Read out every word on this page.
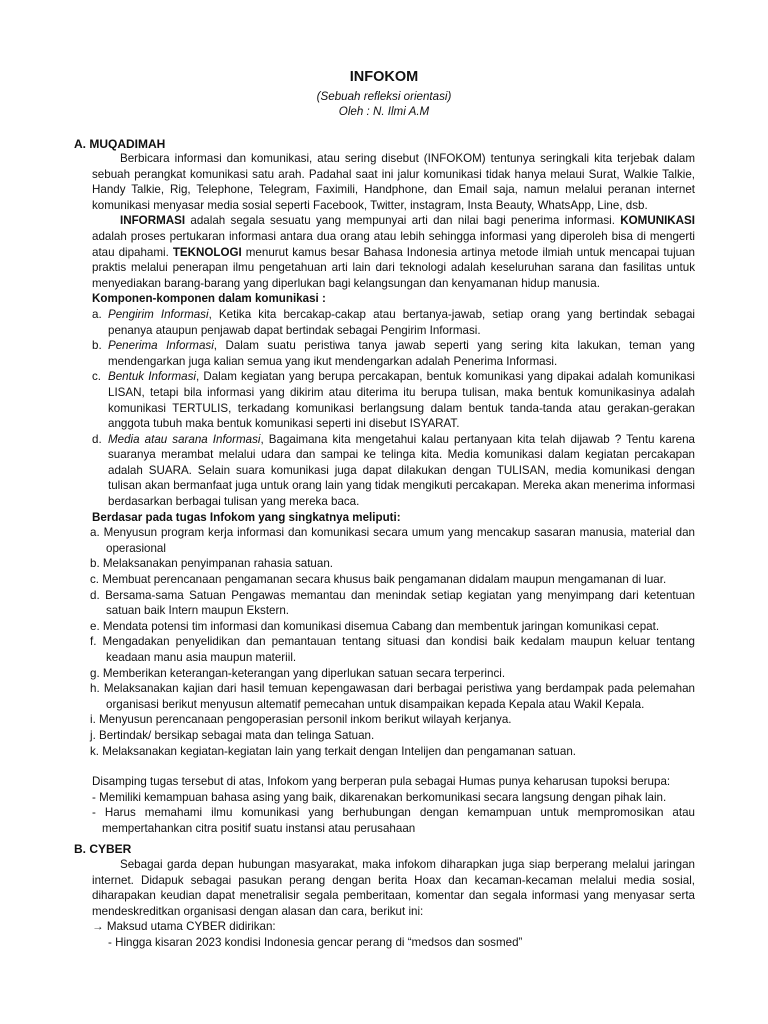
INFOKOM
(Sebuah refleksi orientasi)
Oleh : N. Ilmi A.M
A. MUQADIMAH

Berbicara informasi dan komunikasi, atau sering disebut (INFOKOM) tentunya seringkali kita terjebak dalam sebuah perangkat komunikasi satu arah. Padahal saat ini jalur komunikasi tidak hanya melaui Surat, Walkie Talkie, Handy Talkie, Rig, Telephone, Telegram, Faximili, Handphone, dan Email saja, namun melalui peranan internet komunikasi menyasar media sosial seperti Facebook, Twitter, instagram, Insta Beauty, WhatsApp, Line, dsb.

INFORMASI adalah segala sesuatu yang mempunyai arti dan nilai bagi penerima informasi. KOMUNIKASI adalah proses pertukaran informasi antara dua orang atau lebih sehingga informasi yang diperoleh bisa di mengerti atau dipahami. TEKNOLOGI menurut kamus besar Bahasa Indonesia artinya metode ilmiah untuk mencapai tujuan praktis melalui penerapan ilmu pengetahuan arti lain dari teknologi adalah keseluruhan sarana dan fasilitas untuk menyediakan barang-barang yang diperlukan bagi kelangsungan dan kenyamanan hidup manusia.

Komponen-komponen dalam komunikasi :

a. Pengirim Informasi, Ketika kita bercakap-cakap atau bertanya-jawab, setiap orang yang bertindak sebagai penanya ataupun penjawab dapat bertindak sebagai Pengirim Informasi.

b. Penerima Informasi, Dalam suatu peristiwa tanya jawab seperti yang sering kita lakukan, teman yang mendengarkan juga kalian semua yang ikut mendengarkan adalah Penerima Informasi.

c. Bentuk Informasi, Dalam kegiatan yang berupa percakapan, bentuk komunikasi yang dipakai adalah komunikasi LISAN, tetapi bila informasi yang dikirim atau diterima itu berupa tulisan, maka bentuk komunikasinya adalah komunikasi TERTULIS, terkadang komunikasi berlangsung dalam bentuk tanda-tanda atau gerakan-gerakan anggota tubuh maka bentuk komunikasi seperti ini disebut ISYARAT.

d. Media atau sarana Informasi, Bagaimana kita mengetahui kalau pertanyaan kita telah dijawab ? Tentu karena suaranya merambat melalui udara dan sampai ke telinga kita. Media komunikasi dalam kegiatan percakapan adalah SUARA. Selain suara komunikasi juga dapat dilakukan dengan TULISAN, media komunikasi dengan tulisan akan bermanfaat juga untuk orang lain yang tidak mengikuti percakapan. Mereka akan menerima informasi berdasarkan berbagai tulisan yang mereka baca.

Berdasar pada tugas Infokom yang singkatnya meliputi:

a. Menyusun program kerja informasi dan komunikasi secara umum yang mencakup sasaran manusia, material dan operasional

b. Melaksanakan penyimpanan rahasia satuan.

c. Membuat perencanaan pengamanan secara khusus baik pengamanan didalam maupun mengamanan di luar.

d. Bersama-sama Satuan Pengawas memantau dan menindak setiap kegiatan yang menyimpang dari ketentuan satuan baik Intern maupun Ekstern.

e. Mendata potensi tim informasi dan komunikasi disemua Cabang dan membentuk jaringan komunikasi cepat.

f. Mengadakan penyelidikan dan pemantauan tentang situasi dan kondisi baik kedalam maupun keluar tentang keadaan manu asia maupun materiil.

g. Memberikan keterangan-keterangan yang diperlukan satuan secara terperinci.

h. Melaksanakan kajian dari hasil temuan kepengawasan dari berbagai peristiwa yang berdampak pada pelemahan organisasi berikut menyusun altematif pemecahan untuk disampaikan kepada Kepala atau Wakil Kepala.

i. Menyusun perencanaan pengoperasian personil inkom berikut wilayah kerjanya.

j. Bertindak/ bersikap sebagai mata dan telinga Satuan.

k. Melaksanakan kegiatan-kegiatan lain yang terkait dengan Intelijen dan pengamanan satuan.

Disamping tugas tersebut di atas, Infokom yang berperan pula sebagai Humas punya keharusan tupoksi berupa:

- Memiliki kemampuan bahasa asing yang baik, dikarenakan berkomunikasi secara langsung dengan pihak lain.

- Harus memahami ilmu komunikasi yang berhubungan dengan kemampuan untuk mempromosikan atau mempertahankan citra positif suatu instansi atau perusahaan

B. CYBER

Sebagai garda depan hubungan masyarakat, maka infokom diharapkan juga siap berperang melalui jaringan internet. Didapuk sebagai pasukan perang dengan berita Hoax dan kecaman-kecaman melalui media sosial, diharapakan keudian dapat menetralisir segala pemberitaan, komentar dan segala informasi yang menyasar serta mendeskreditkan organisasi dengan alasan dan cara, berikut ini:

→ Maksud utama CYBER didirikan:

- Hingga kisaran 2023 kondisi Indonesia gencar perang di “medsos dan sosmed”
